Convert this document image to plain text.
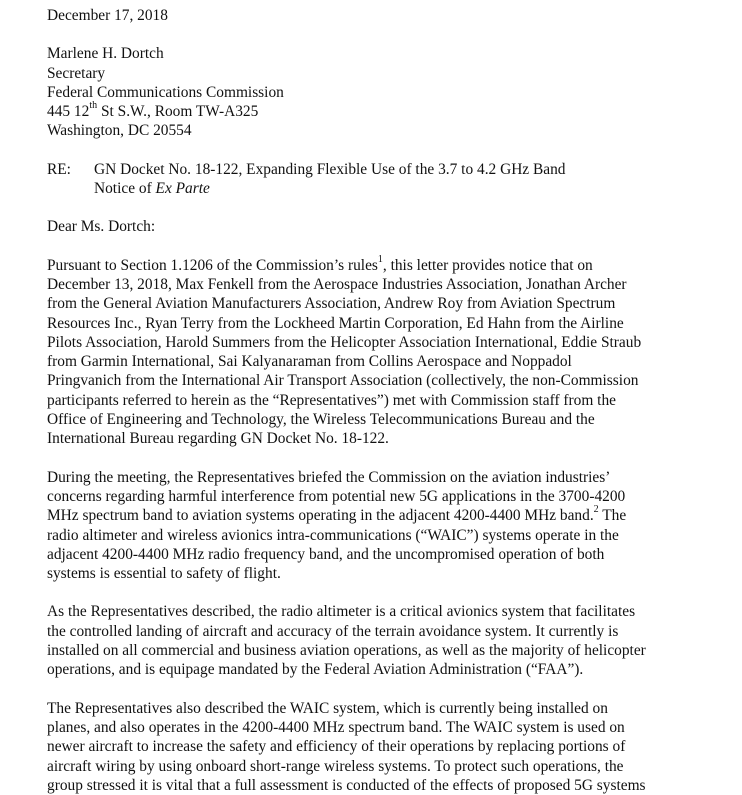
December 17, 2018
Marlene H. Dortch
Secretary
Federal Communications Commission
445 12th St S.W., Room TW-A325
Washington, DC 20554
RE:	GN Docket No. 18-122, Expanding Flexible Use of the 3.7 to 4.2 GHz Band
Notice of Ex Parte
Dear Ms. Dortch:

Pursuant to Section 1.1206 of the Commission’s rules$^1$, this letter provides notice that on
December 13, 2018, Max Fenkell from the Aerospace Industries Association, Jonathan Archer
from the General Aviation Manufacturers Association, Andrew Roy from Aviation Spectrum
Resources Inc., Ryan Terry from the Lockheed Martin Corporation, Ed Hahn from the Airline
Pilots Association, Harold Summers from the Helicopter Association International, Eddie Straub
from Garmin International, Sai Kalyanaraman from Collins Aerospace and Noppadol
Pringvanich from the International Air Transport Association (collectively, the non-Commission
participants referred to herein as the “Representatives”) met with Commission staff from the
Office of Engineering and Technology, the Wireless Telecommunications Bureau and the
International Bureau regarding GN Docket No. 18-122.

During the meeting, the Representatives briefed the Commission on the aviation industries’
concerns regarding harmful interference from potential new 5G applications in the 3700-4200
MHz spectrum band to aviation systems operating in the adjacent 4200-4400 MHz band.$^2$ The
radio altimeter and wireless avionics intra-communications (“WAIC”) systems operate in the
adjacent 4200-4400 MHz radio frequency band, and the uncompromised operation of both
systems is essential to safety of flight.

As the Representatives described, the radio altimeter is a critical avionics system that facilitates
the controlled landing of aircraft and accuracy of the terrain avoidance system. It currently is
installed on all commercial and business aviation operations, as well as the majority of helicopter
operations, and is equipage mandated by the Federal Aviation Administration (“FAA”).

The Representatives also described the WAIC system, which is currently being installed on
planes, and also operates in the 4200-4400 MHz spectrum band. The WAIC system is used on
newer aircraft to increase the safety and efficiency of their operations by replacing portions of
aircraft wiring by using onboard short-range wireless systems. To protect such operations, the
group stressed it is vital that a full assessment is conducted of the effects of proposed 5G systems
